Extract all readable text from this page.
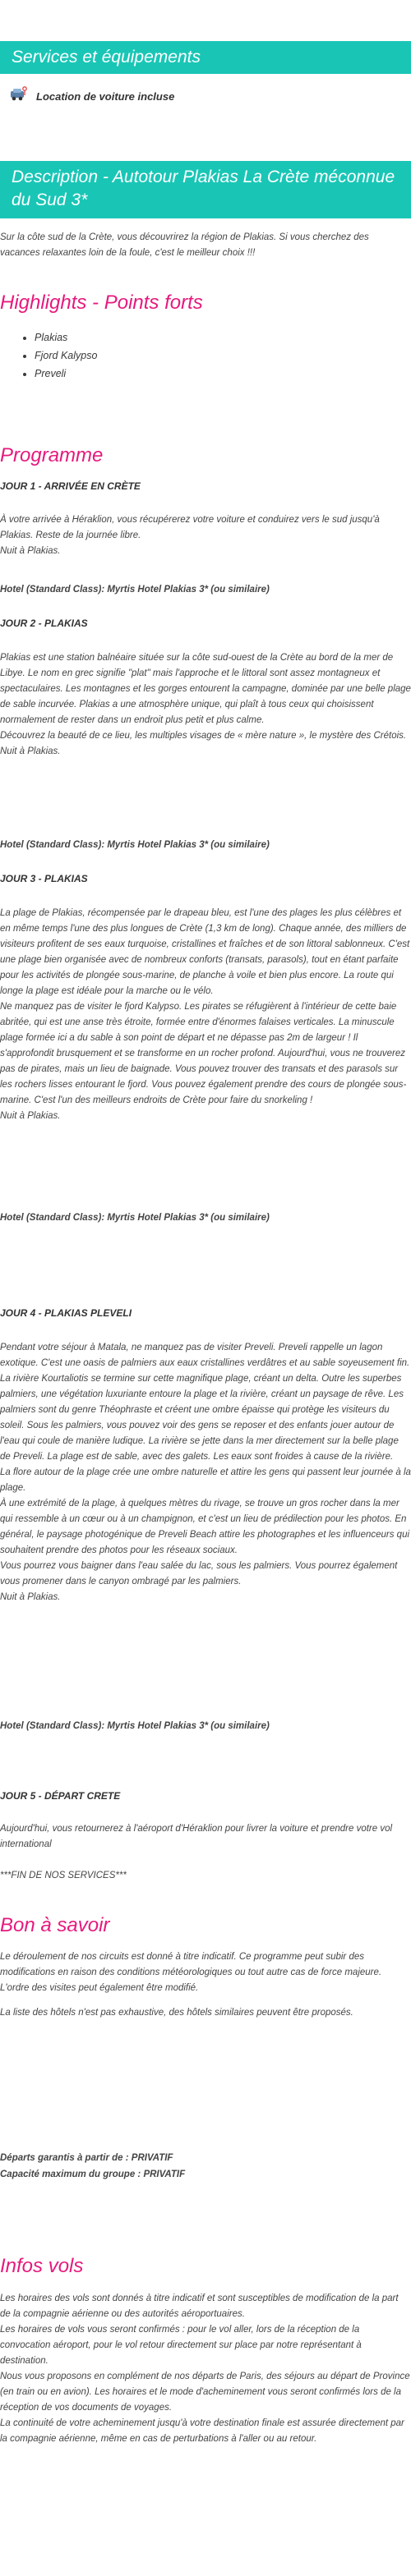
Services et équipements
Location de voiture incluse
Description - Autotour Plakias La Crète méconnue du Sud 3*
Sur la côte sud de la Crète, vous découvrirez la région de Plakias. Si vous cherchez des vacances relaxantes loin de la foule, c'est le meilleur choix !!!
Highlights - Points forts
• Plakias
• Fjord Kalypso
• Preveli
Programme
JOUR 1 - ARRIVÉE EN CRÈTE
À votre arrivée à Héraklion, vous récupérerez votre voiture et conduirez vers le sud jusqu'à Plakias. Reste de la journée libre.
Nuit à Plakias.
Hotel (Standard Class): Myrtis Hotel Plakias 3* (ou similaire)
JOUR 2 - PLAKIAS
Plakias est une station balnéaire située sur la côte sud-ouest de la Crète au bord de la mer de Libye. Le nom en grec signifie "plat" mais l'approche et le littoral sont assez montagneux et spectaculaires. Les montagnes et les gorges entourent la campagne, dominée par une belle plage de sable incurvée. Plakias a une atmosphère unique, qui plaît à tous ceux qui choisissent normalement de rester dans un endroit plus petit et plus calme.
Découvrez la beauté de ce lieu, les multiples visages de « mère nature », le mystère des Crétois.
Nuit à Plakias.
Hotel (Standard Class): Myrtis Hotel Plakias 3* (ou similaire)
JOUR 3 - PLAKIAS
La plage de Plakias, récompensée par le drapeau bleu, est l'une des plages les plus célèbres et en même temps l'une des plus longues de Crète (1,3 km de long). Chaque année, des milliers de visiteurs profitent de ses eaux turquoise, cristallines et fraîches et de son littoral sablonneux. C'est une plage bien organisée avec de nombreux conforts (transats, parasols), tout en étant parfaite pour les activités de plongée sous-marine, de planche à voile et bien plus encore. La route qui longe la plage est idéale pour la marche ou le vélo.
Ne manquez pas de visiter le fjord Kalypso. Les pirates se réfugièrent à l'intérieur de cette baie abritée, qui est une anse très étroite, formée entre d'énormes falaises verticales. La minuscule plage formée ici a du sable à son point de départ et ne dépasse pas 2m de largeur ! Il s'approfondit brusquement et se transforme en un rocher profond. Aujourd'hui, vous ne trouverez pas de pirates, mais un lieu de baignade. Vous pouvez trouver des transats et des parasols sur les rochers lisses entourant le fjord. Vous pouvez également prendre des cours de plongée sous-marine. C'est l'un des meilleurs endroits de Crète pour faire du snorkeling !
Nuit à Plakias.
Hotel (Standard Class): Myrtis Hotel Plakias 3* (ou similaire)
JOUR 4 - PLAKIAS PLEVELI
Pendant votre séjour à Matala, ne manquez pas de visiter Preveli. Preveli rappelle un lagon exotique. C'est une oasis de palmiers aux eaux cristallines verdâtres et au sable soyeusement fin. La rivière Kourtaliotis se termine sur cette magnifique plage, créant un delta. Outre les superbes palmiers, une végétation luxuriante entoure la plage et la rivière, créant un paysage de rêve. Les palmiers sont du genre Théophraste et créent une ombre épaisse qui protège les visiteurs du soleil. Sous les palmiers, vous pouvez voir des gens se reposer et des enfants jouer autour de l'eau qui coule de manière ludique. La rivière se jette dans la mer directement sur la belle plage de Preveli. La plage est de sable, avec des galets. Les eaux sont froides à cause de la rivière.
La flore autour de la plage crée une ombre naturelle et attire les gens qui passent leur journée à la plage.
À une extrémité de la plage, à quelques mètres du rivage, se trouve un gros rocher dans la mer qui ressemble à un cœur ou à un champignon, et c'est un lieu de prédilection pour les photos. En général, le paysage photogénique de Preveli Beach attire les photographes et les influenceurs qui souhaitent prendre des photos pour les réseaux sociaux.
Vous pourrez vous baigner dans l'eau salée du lac, sous les palmiers. Vous pourrez également vous promener dans le canyon ombragé par les palmiers.
Nuit à Plakias.
Hotel (Standard Class): Myrtis Hotel Plakias 3* (ou similaire)
JOUR 5 - DÉPART CRETE
Aujourd'hui, vous retournerez à l'aéroport d'Héraklion pour livrer la voiture et prendre votre vol international

***FIN DE NOS SERVICES***
Bon à savoir
Le déroulement de nos circuits est donné à titre indicatif. Ce programme peut subir des modifications en raison des conditions météorologiques ou tout autre cas de force majeure. L'ordre des visites peut également être modifié.
La liste des hôtels n'est pas exhaustive, des hôtels similaires peuvent être proposés.
Départs garantis à partir de : PRIVATIF
Capacité maximum du groupe : PRIVATIF
Infos vols
Les horaires des vols sont donnés à titre indicatif et sont susceptibles de modification de la part de la compagnie aérienne ou des autorités aéroportuaires.
Les horaires de vols vous seront confirmés : pour le vol aller, lors de la réception de la convocation aéroport, pour le vol retour directement sur place par notre représentant à destination.
Nous vous proposons en complément de nos départs de Paris, des séjours au départ de Province (en train ou en avion). Les horaires et le mode d'acheminement vous seront confirmés lors de la réception de vos documents de voyages.
La continuité de votre acheminement jusqu'à votre destination finale est assurée directement par la compagnie aérienne, même en cas de perturbations à l'aller ou au retour.
